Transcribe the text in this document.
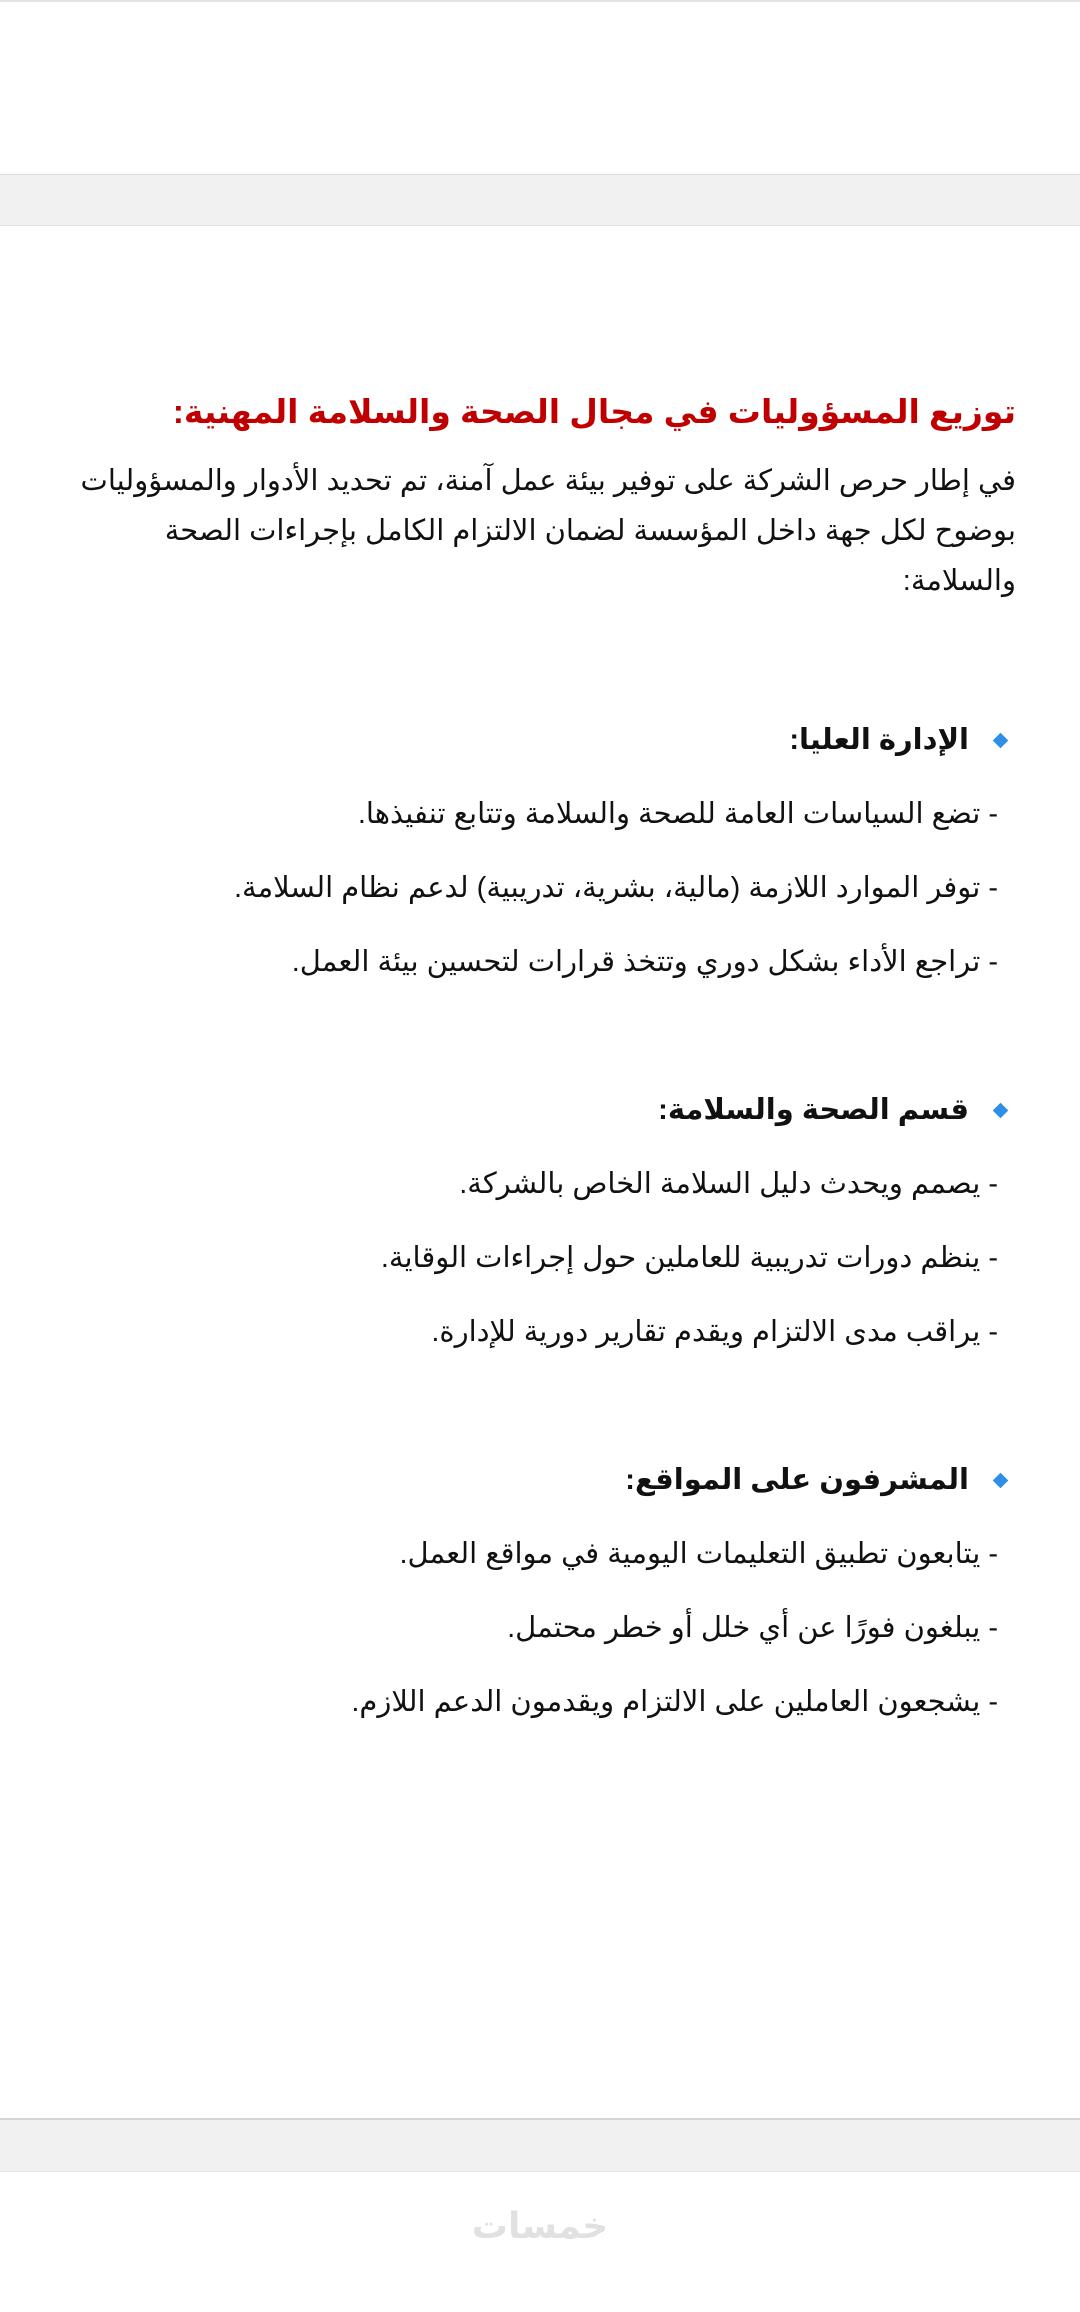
توزيع المسؤوليات في مجال الصحة والسلامة المهنية:

في إطار حرص الشركة على توفير بيئة عمل آمنة، تم تحديد الأدوار والمسؤوليات
بوضوح لكل جهة داخل المؤسسة لضمان الالتزام الكامل بإجراءات الصحة والسلامة:

الإدارة العليا:

- تضع السياسات العامة للصحة والسلامة وتتابع تنفيذها.

- توفر الموارد اللازمة (مالية، بشرية، تدريبية) لدعم نظام السلامة.

- تراجع الأداء بشكل دوري وتتخذ قرارات لتحسين بيئة العمل.

قسم الصحة والسلامة:

- يصمم ويحدث دليل السلامة الخاص بالشركة.

- ينظم دورات تدريبية للعاملين حول إجراءات الوقاية.

- يراقب مدى الالتزام ويقدم تقارير دورية للإدارة.

المشرفون على المواقع:

- يتابعون تطبيق التعليمات اليومية في مواقع العمل.

- يبلغون فورًا عن أي خلل أو خطر محتمل.

- يشجعون العاملين على الالتزام ويقدمون الدعم اللازم.

خمسات
